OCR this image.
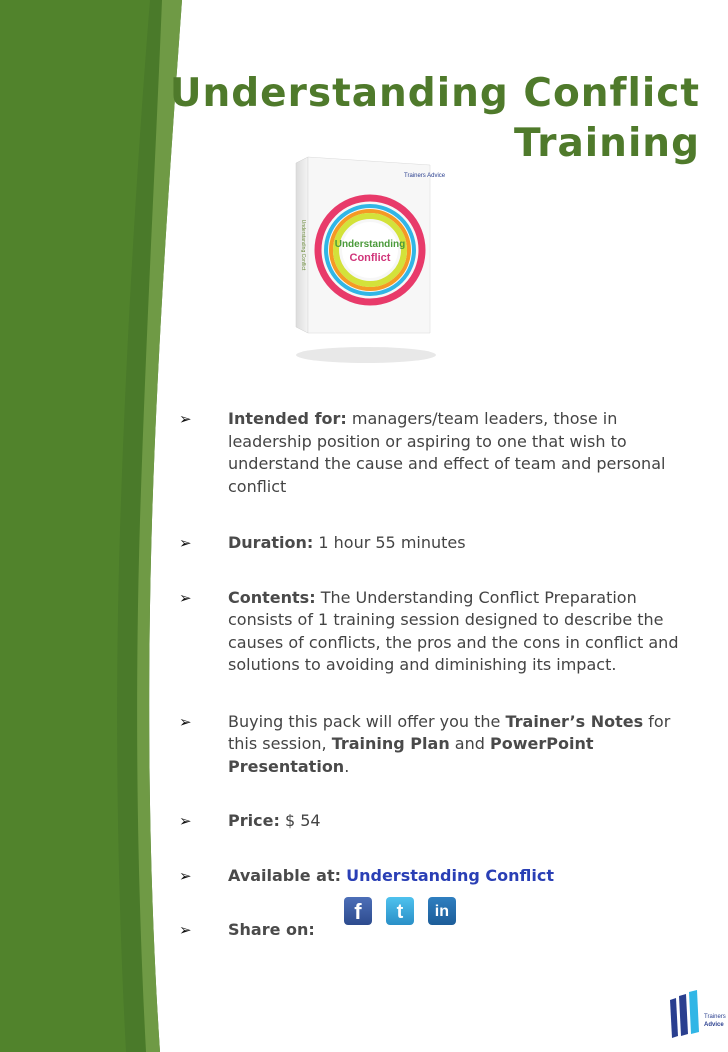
Understanding Conflict
Training
Understanding
Conflict
Trainers Advice
Understanding Conflict
➢ Intended for: managers/team leaders, those in leadership position or aspiring to one that wish to understand the cause and effect of team and personal conflict
➢ Duration: 1 hour 55 minutes
➢ Contents: The Understanding Conflict Preparation consists of 1 training session designed to describe the causes of conflicts, the pros and the cons in conflict and solutions to avoiding and diminishing its impact.
➢ Buying this pack will offer you the Trainer’s Notes for this session, Training Plan and PowerPoint Presentation.
➢ Price: $ 54
➢ Available at: Understanding Conflict
➢ Share on: f t in
Trainers
Advice
